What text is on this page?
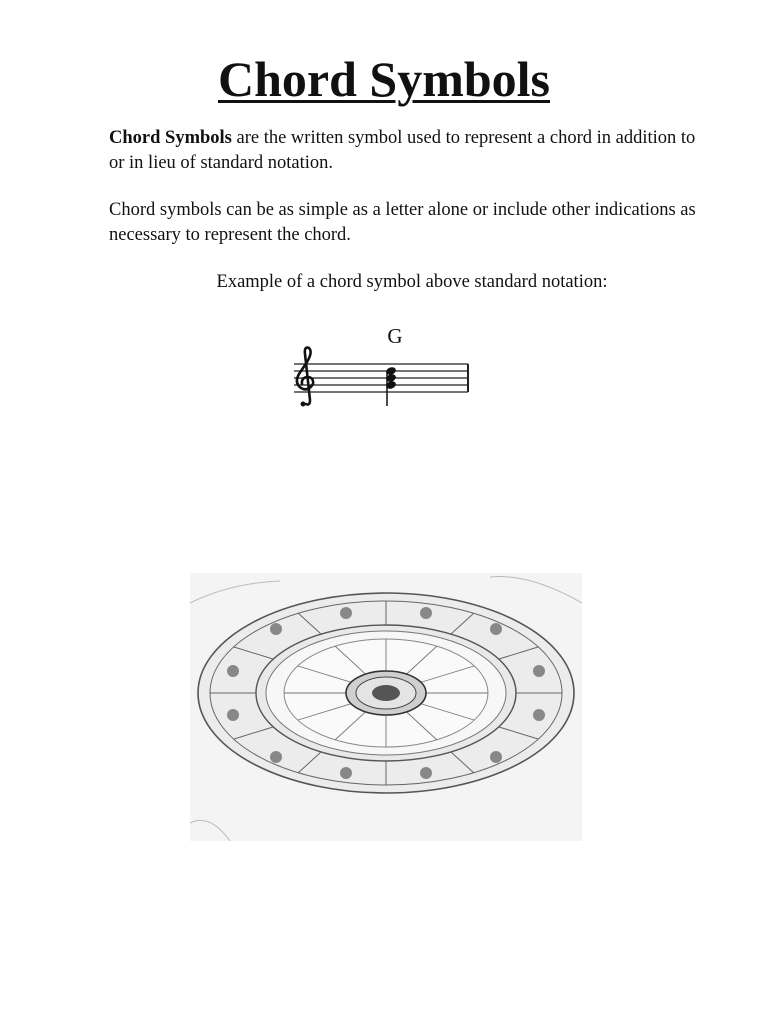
Chord Symbols

Chord Symbols are the written symbol used to represent a chord in addition to or in lieu of standard notation.

Chord symbols can be as simple as a letter alone or include other indications as necessary to represent the chord.

Example of a chord symbol above standard notation:

G
